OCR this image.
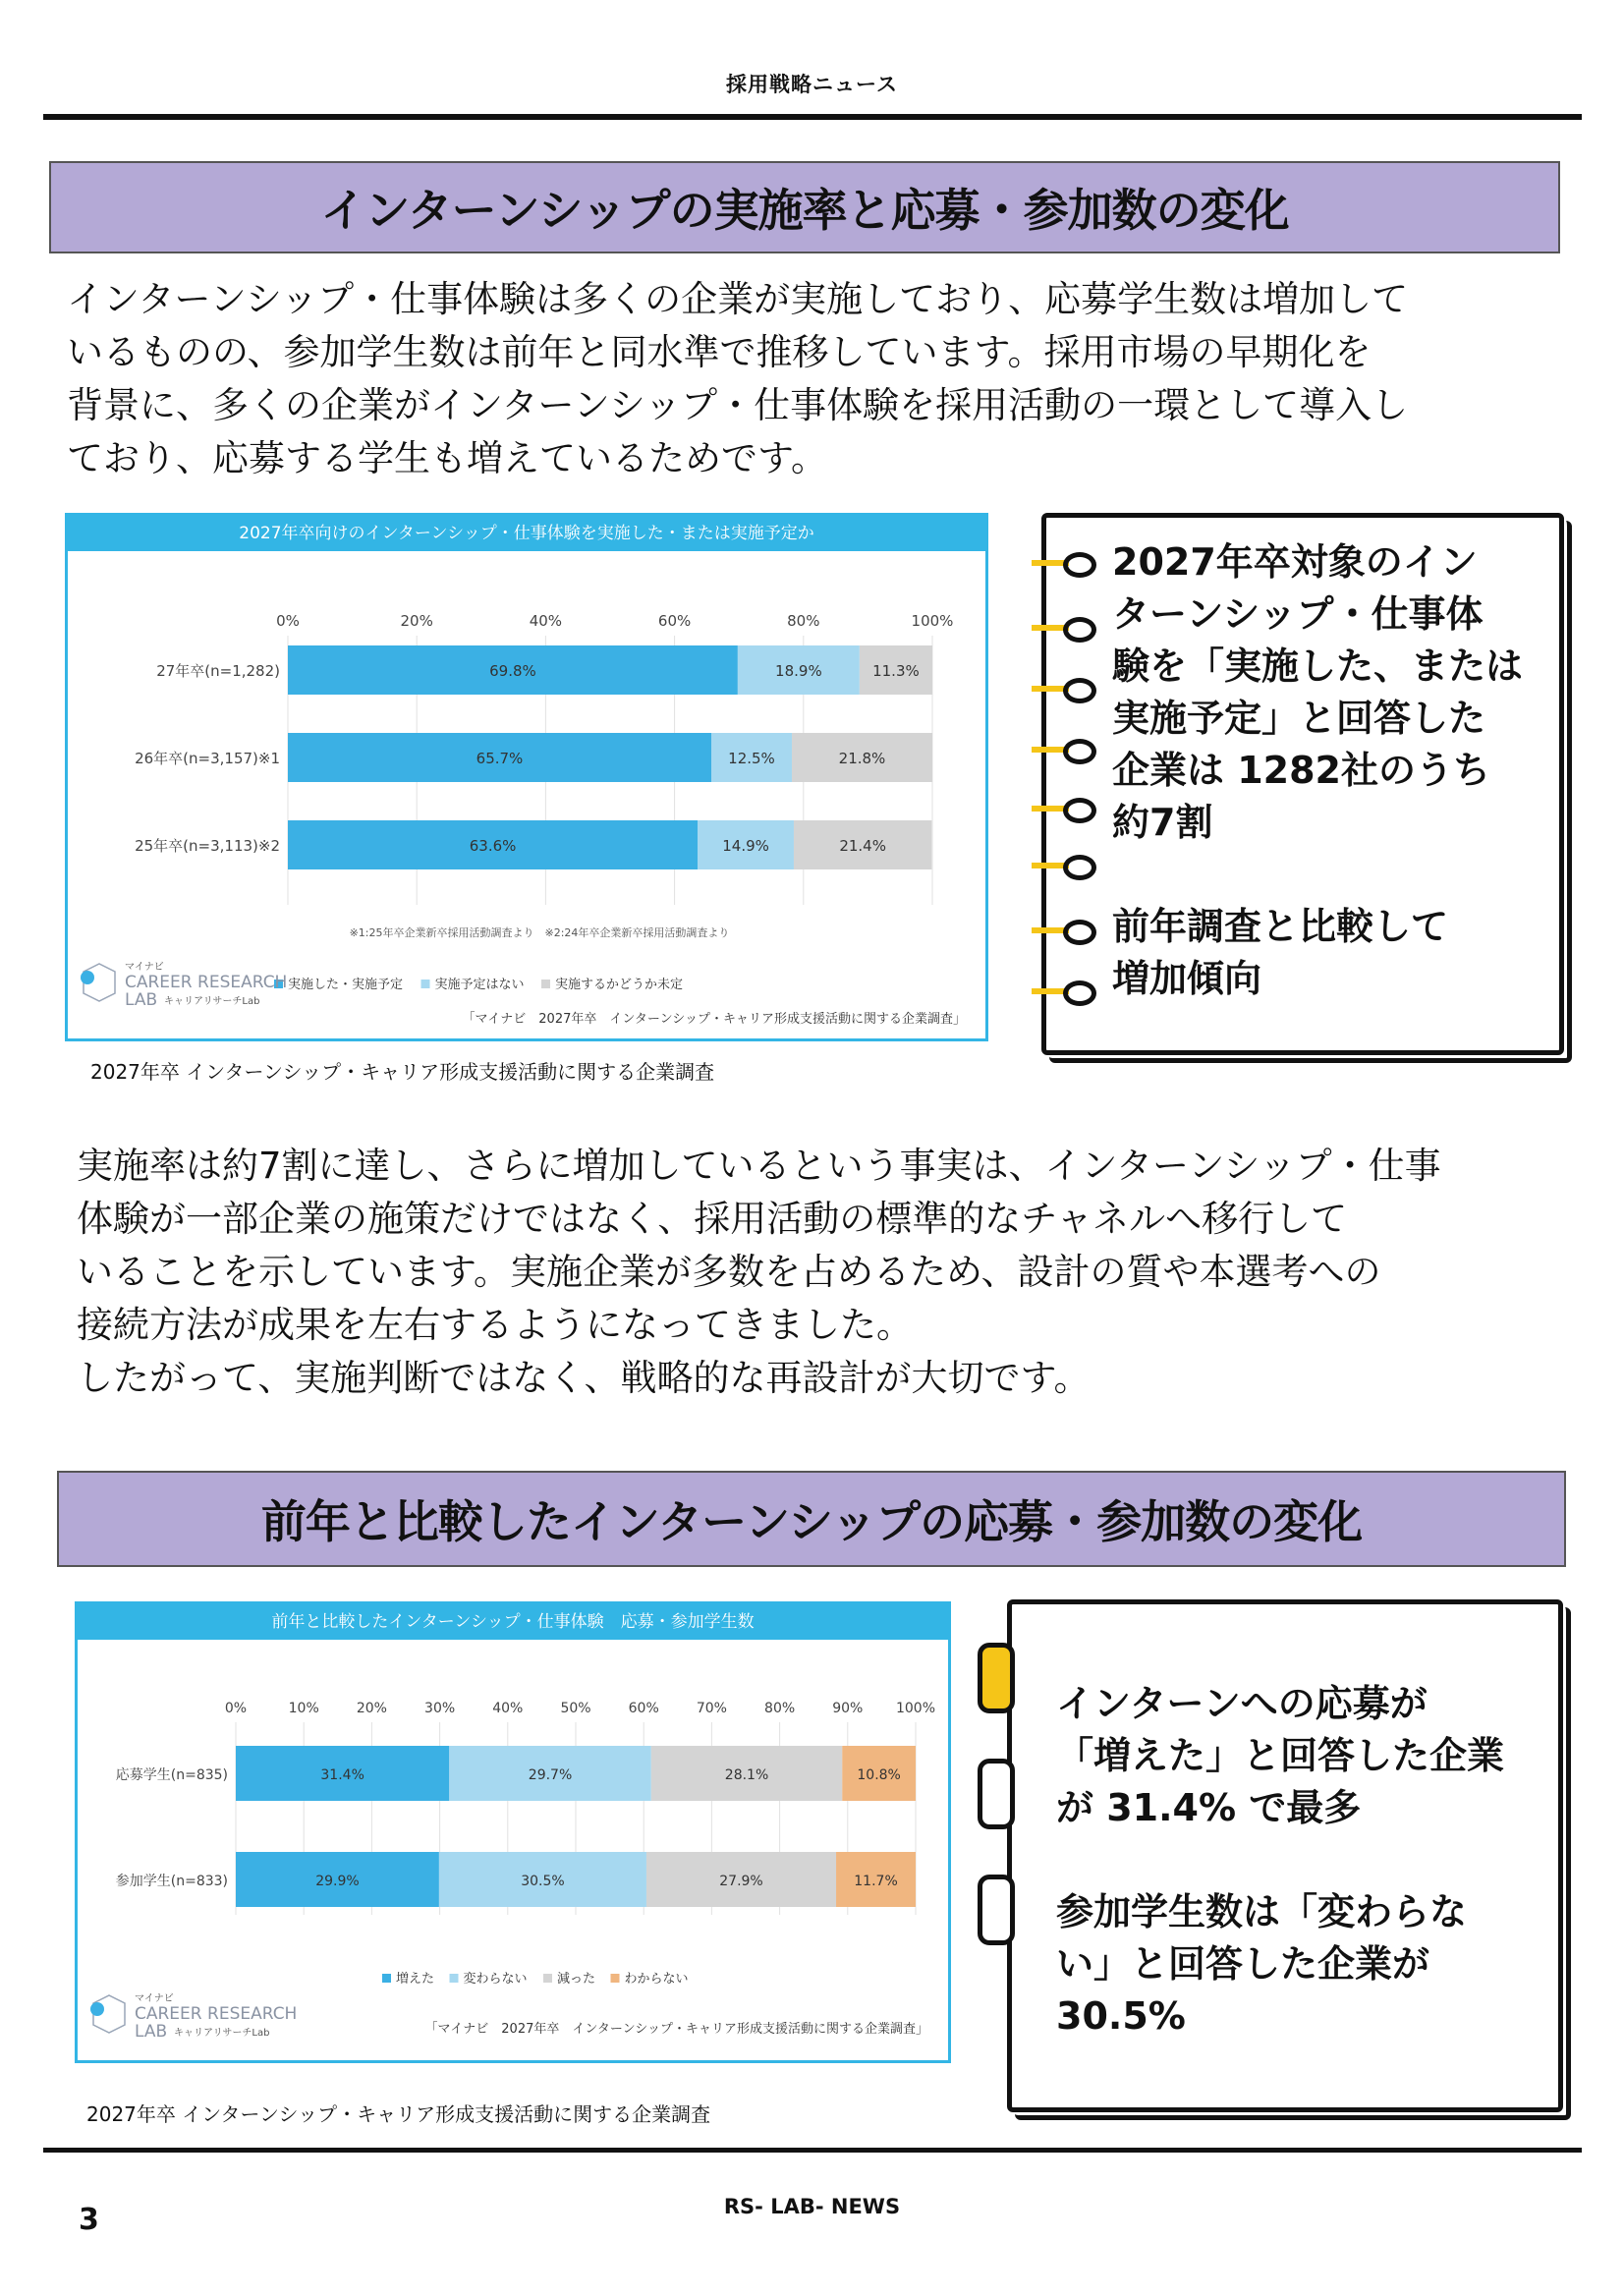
採用戦略ニュース
インターンシップの実施率と応募・参加数の変化

インターンシップ・仕事体験は多くの企業が実施しており、応募学生数は増加して

いるものの、参加学生数は前年と同水準で推移しています。採用市場の早期化を

背景に、多くの企業がインターンシップ・仕事体験を採用活動の一環として導入し

ており、応募する学生も増えているためです。

2027年卒向けのインターンシップ・仕事体験を実施した・または実施予定か
0%	20%	40%	60%	80%	100%
27年卒(n=1,282)	69.8%	18.9%	11.3%
26年卒(n=3,157)※1	65.7%	12.5%	21.8%
25年卒(n=3,113)※2	63.6%	14.9%	21.4%
※1:25年卒企業新卒採用活動調査より　※2:24年卒企業新卒採用活動調査より
実施した・実施予定 実施予定はない 実施するかどうか未定
マイナビ
CAREER RESEARCH
LAB キャリアリサーチLab
「マイナビ　2027年卒　インターンシップ・キャリア形成支援活動に関する企業調査」
2027年卒 インターンシップ・キャリア形成支援活動に関する企業調査

2027年卒対象のイン

ターンシップ・仕事体

験を「実施した、または

実施予定」と回答した

企業は 1282社のうち

約7割

前年調査と比較して

増加傾向

実施率は約7割に達し、さらに増加しているという事実は、インターンシップ・仕事

体験が一部企業の施策だけではなく、採用活動の標準的なチャネルへ移行して

いることを示しています。実施企業が多数を占めるため、設計の質や本選考への

接続方法が成果を左右するようになってきました。

したがって、実施判断ではなく、戦略的な再設計が大切です。

前年と比較したインターンシップの応募・参加数の変化
前年と比較したインターンシップ・仕事体験　応募・参加学生数
0%	10%	20%	30%	40%	50%	60%	70%	80%	90% 100%
応募学生(n=835)	31.4%	29.7%	28.1%	10.8%
参加学生(n=833)	29.9%	30.5%	27.9%	11.7%
増えた 変わらない 減った わからない
マイナビ
CAREER RESEARCH
LAB キャリアリサーチLab	「マイナビ　2027年卒　インターンシップ・キャリア形成支援活動に関する企業調査」
2027年卒 インターンシップ・キャリア形成支援活動に関する企業調査

インターンへの応募が

「増えた」と回答した企業

が 31.4% で最多

参加学生数は「変わらな

い」と回答した企業が

30.5%

RS- LAB- NEWS
3
